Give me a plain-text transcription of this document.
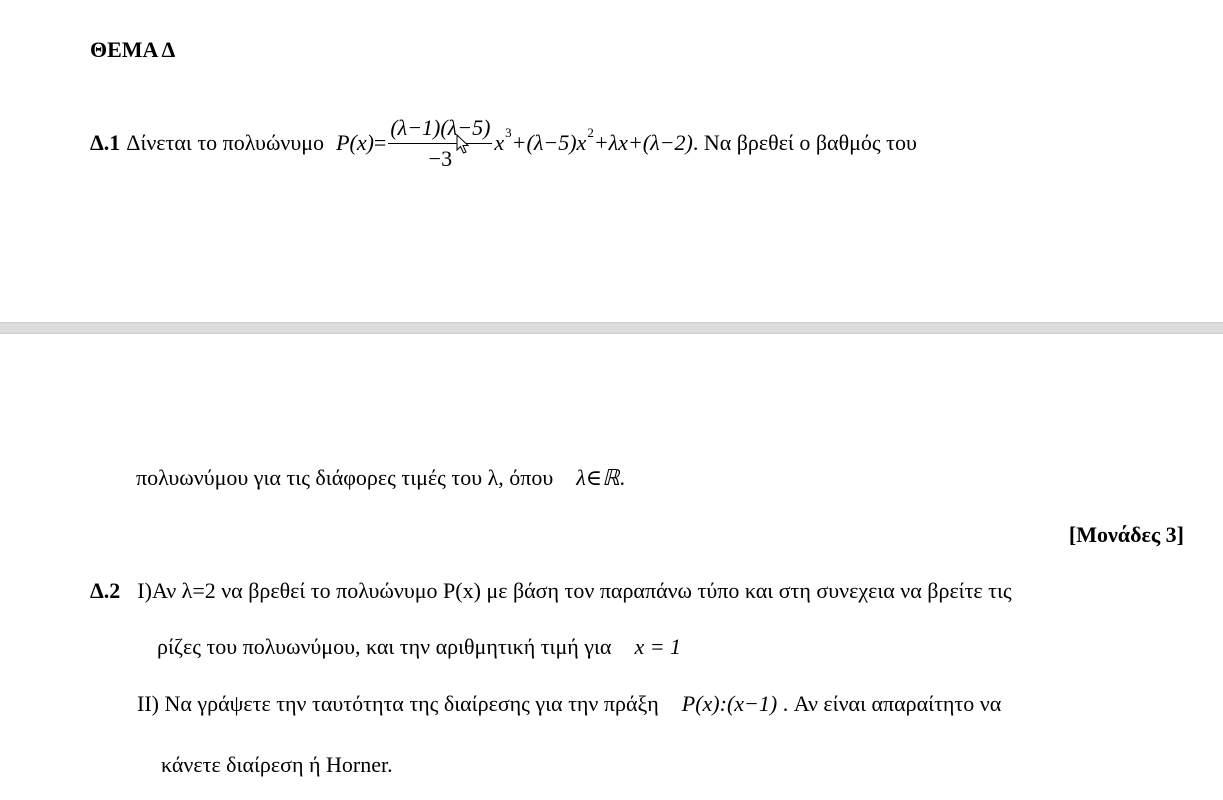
ΘΕΜΑ Δ
Δ.1 Δίνεται το πολυώνυμο $P(x) = \frac{(\lambda-1)(\lambda-5)}{-3}$ x 3 +(λ−5)x 2 +λx+(λ−2) . Να βρεθεί ο βαθμός του
πολυωνύμου για τις διάφορες τιμές του λ, όπου λ∈ℝ.
[Μονάδες 3]
Δ.2 Ι)Αν λ=2 να βρεθεί το πολυώνυμο P(x) με βάση τον παραπάνω τύπο και στη συνεχεια να βρείτε τις
ρίζες του πολυωνύμου, και την αριθμητική τιμή για x = 1
ΙΙ) Να γράψετε την ταυτότητα της διαίρεσης για την πράξη P(x):(x−1) . Αν είναι απαραίτητο να
κάνετε διαίρεση ή Horner.
